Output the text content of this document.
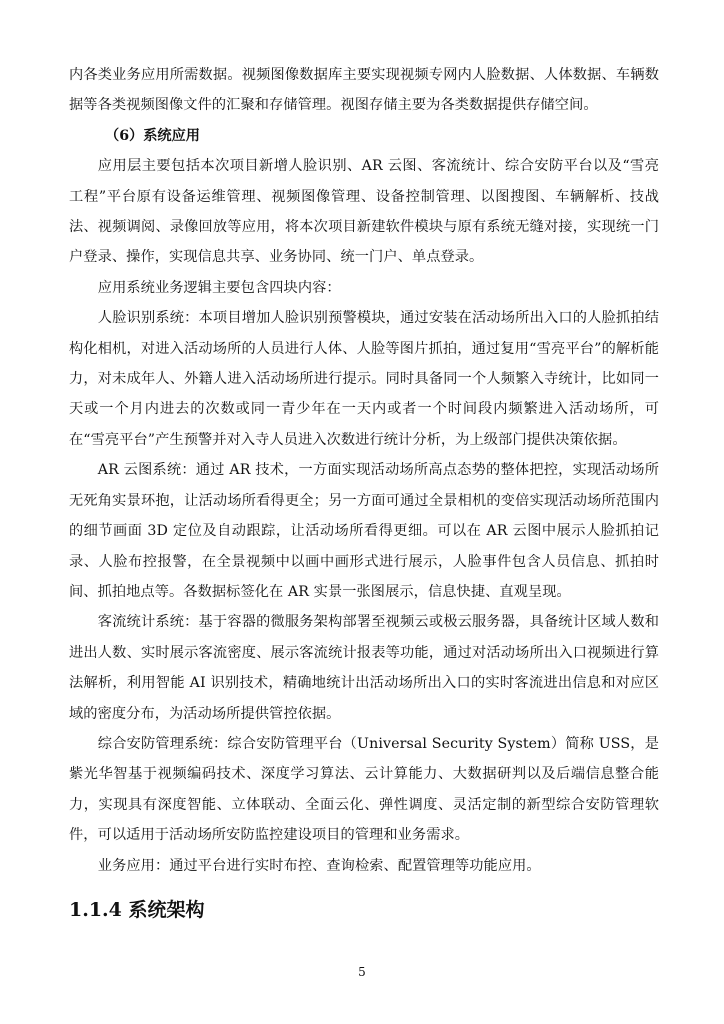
内各类业务应用所需数据。视频图像数据库主要实现视频专网内人脸数据、人体数据、车辆数据等各类视频图像文件的汇聚和存储管理。视图存储主要为各类数据提供存储空间。

（6）系统应用

应用层主要包括本次项目新增人脸识别、AR 云图、客流统计、综合安防平台以及“雪亮工程”平台原有设备运维管理、视频图像管理、设备控制管理、以图搜图、车辆解析、技战法、视频调阅、录像回放等应用，将本次项目新建软件模块与原有系统无缝对接，实现统一门户登录、操作，实现信息共享、业务协同、统一门户、单点登录。

应用系统业务逻辑主要包含四块内容：

人脸识别系统：本项目增加人脸识别预警模块，通过安装在活动场所出入口的人脸抓拍结构化相机，对进入活动场所的人员进行人体、人脸等图片抓拍，通过复用“雪亮平台”的解析能力，对未成年人、外籍人进入活动场所进行提示。同时具备同一个人频繁入寺统计，比如同一天或一个月内进去的次数或同一青少年在一天内或者一个时间段内频繁进入活动场所，可在“雪亮平台”产生预警并对入寺人员进入次数进行统计分析，为上级部门提供决策依据。

AR 云图系统：通过 AR 技术，一方面实现活动场所高点态势的整体把控，实现活动场所无死角实景环抱，让活动场所看得更全；另一方面可通过全景相机的变倍实现活动场所范围内的细节画面 3D 定位及自动跟踪，让活动场所看得更细。可以在 AR 云图中展示人脸抓拍记录、人脸布控报警，在全景视频中以画中画形式进行展示，人脸事件包含人员信息、抓拍时间、抓拍地点等。各数据标签化在 AR 实景一张图展示，信息快捷、直观呈现。

客流统计系统：基于容器的微服务架构部署至视频云或极云服务器，具备统计区域人数和进出人数、实时展示客流密度、展示客流统计报表等功能，通过对活动场所出入口视频进行算法解析，利用智能 AI 识别技术，精确地统计出活动场所出入口的实时客流进出信息和对应区域的密度分布，为活动场所提供管控依据。

综合安防管理系统：综合安防管理平台（Universal Security System）简称 USS，是紫光华智基于视频编码技术、深度学习算法、云计算能力、大数据研判以及后端信息整合能力，实现具有深度智能、立体联动、全面云化、弹性调度、灵活定制的新型综合安防管理软件，可以适用于活动场所安防监控建设项目的管理和业务需求。

业务应用：通过平台进行实时布控、查询检索、配置管理等功能应用。

1.1.4 系统架构
5
